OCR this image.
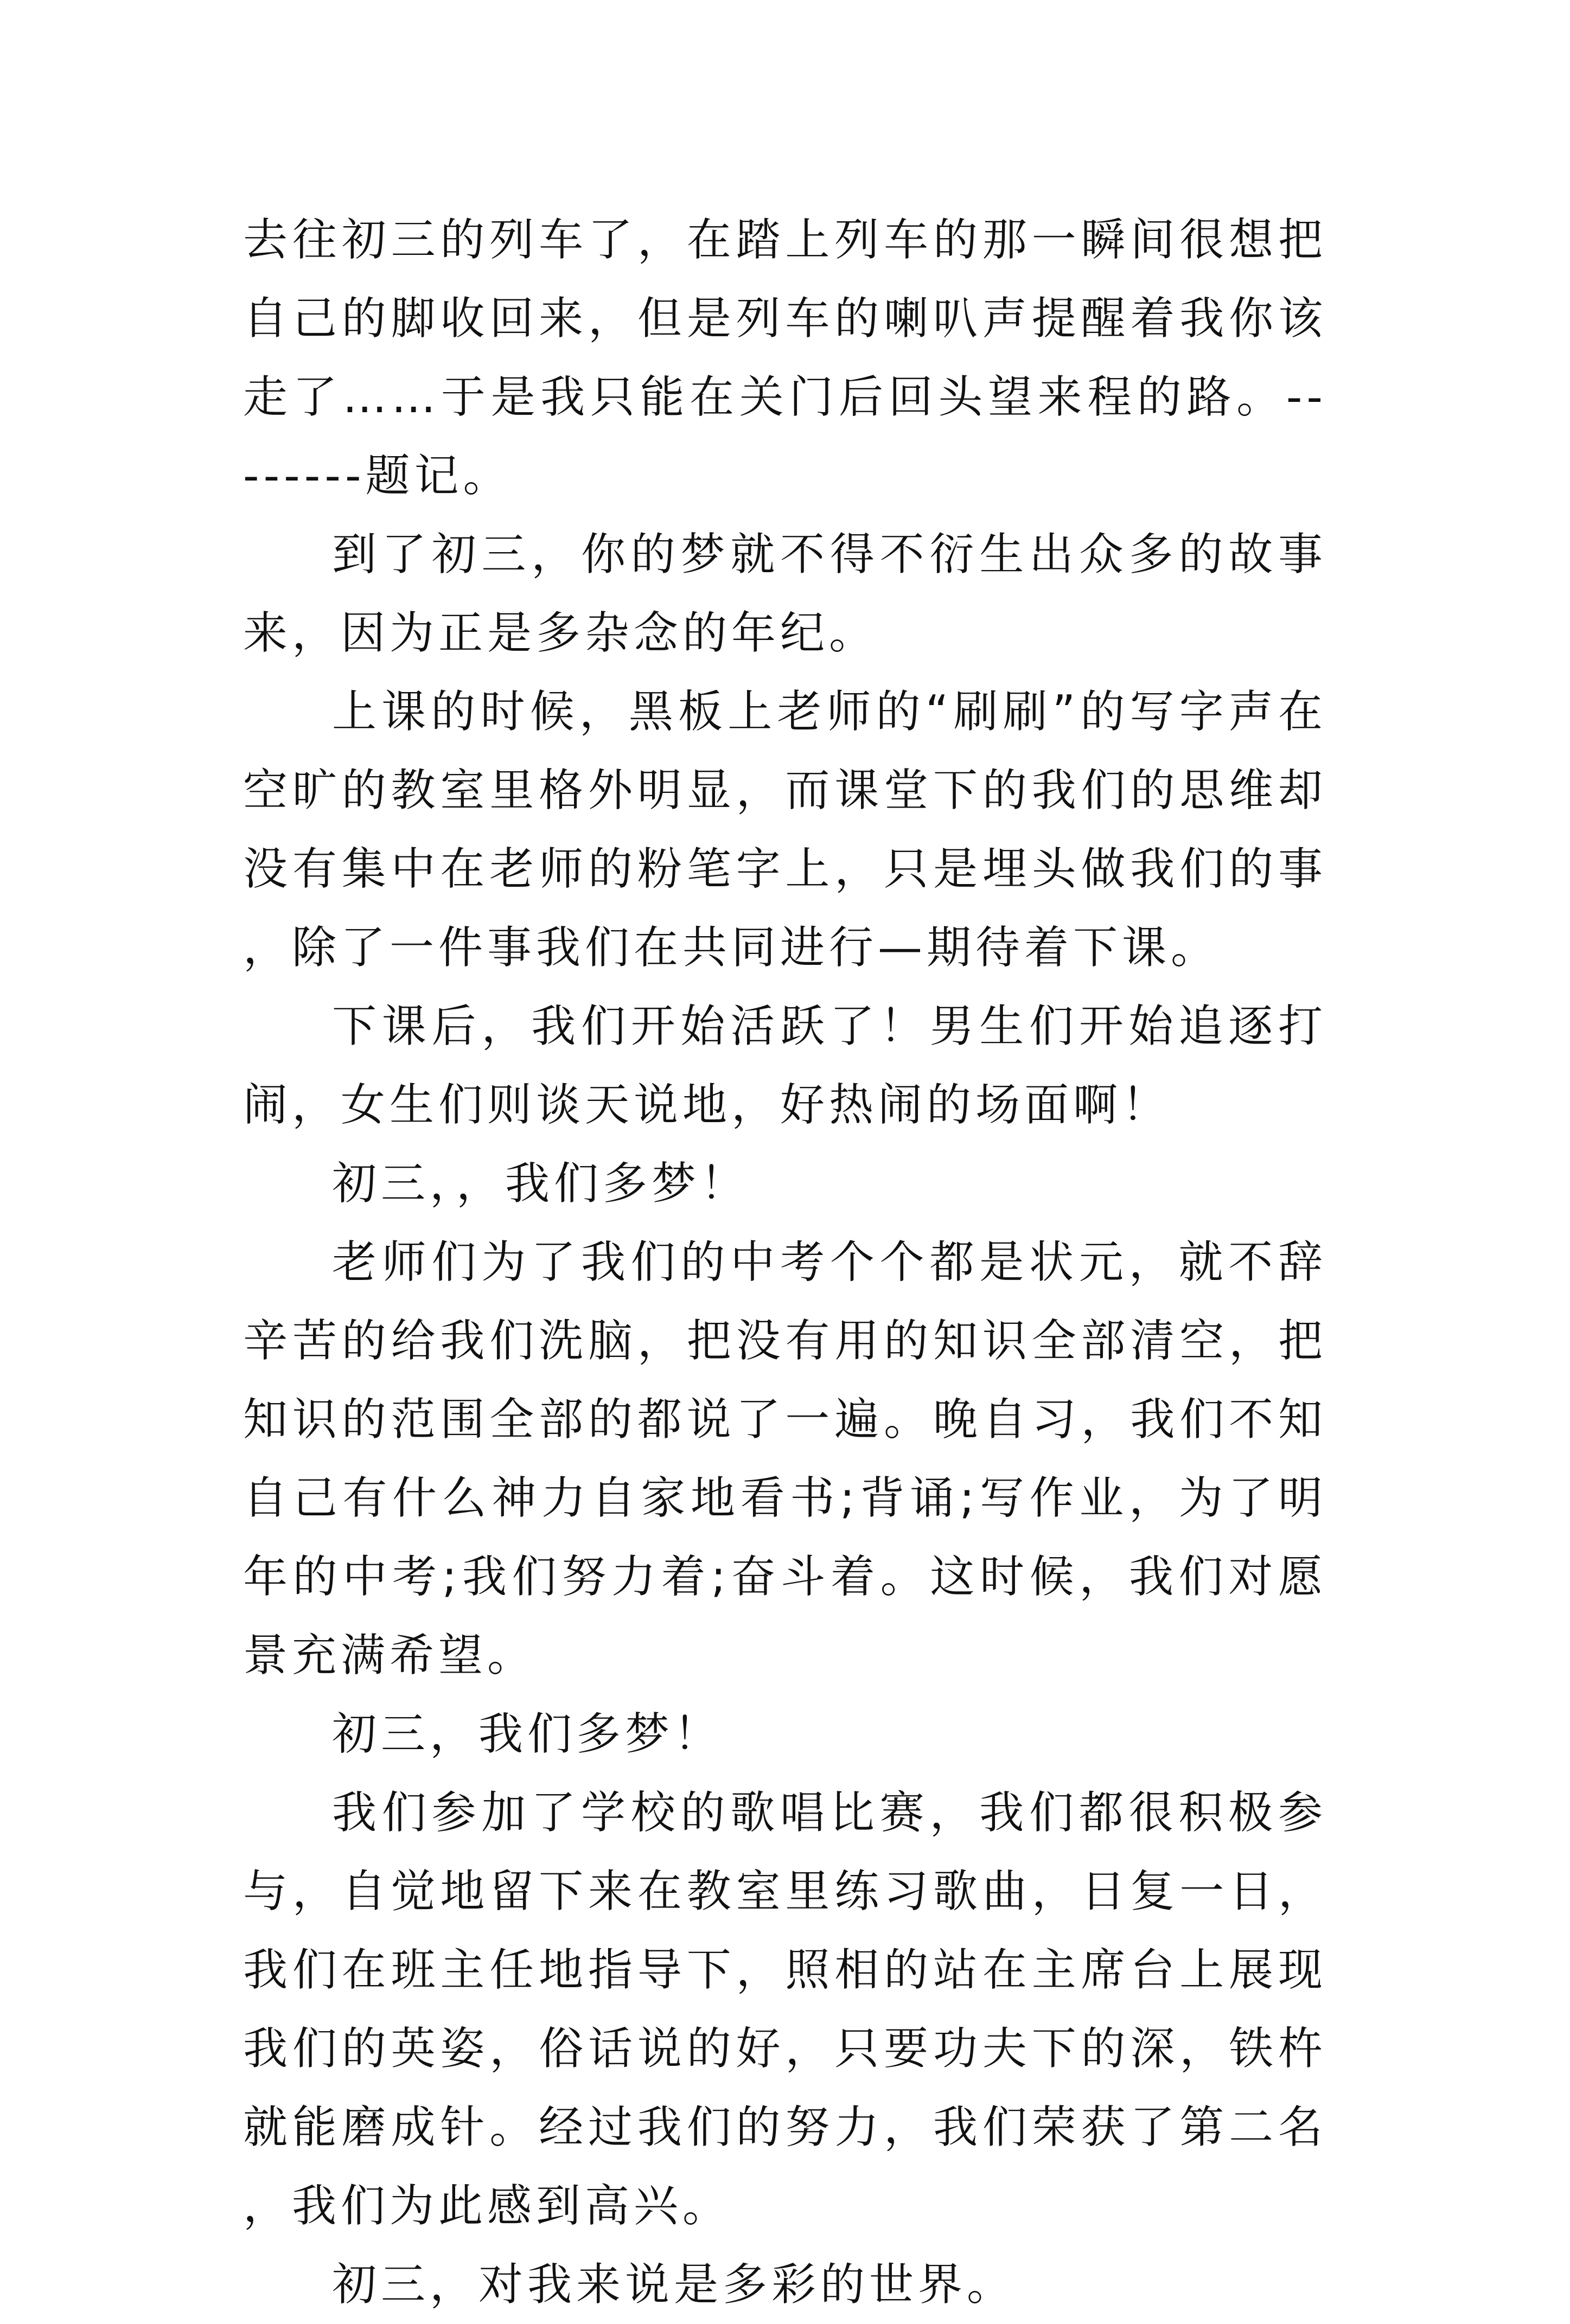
去往初三的列车了，在踏上列车的那一瞬间很想把自己的脚收回来，但是列车的喇叭声提醒着我你该走了……于是我只能在关门后回头望来程的路。--------题记。

到了初三，你的梦就不得不衍生出众多的故事来，因为正是多杂念的年纪。

上课的时候，黑板上老师的“刷刷”的写字声在空旷的教室里格外明显，而课堂下的我们的思维却没有集中在老师的粉笔字上，只是埋头做我们的事，除了一件事我们在共同进行—期待着下课。

下课后，我们开始活跃了！男生们开始追逐打闹，女生们则谈天说地，好热闹的场面啊！

初三，，我们多梦！

老师们为了我们的中考个个都是状元，就不辞辛苦的给我们洗脑，把没有用的知识全部清空，把知识的范围全部的都说了一遍。晚自习，我们不知自己有什么神力自家地看书;背诵;写作业，为了明年的中考;我们努力着;奋斗着。这时候，我们对愿景充满希望。

初三，我们多梦！

我们参加了学校的歌唱比赛，我们都很积极参与，自觉地留下来在教室里练习歌曲，日复一日，我们在班主任地指导下，照相的站在主席台上展现我们的英姿，俗话说的好，只要功夫下的深，铁杵就能磨成针。经过我们的努力，我们荣获了第二名，我们为此感到高兴。

初三，对我来说是多彩的世界。
